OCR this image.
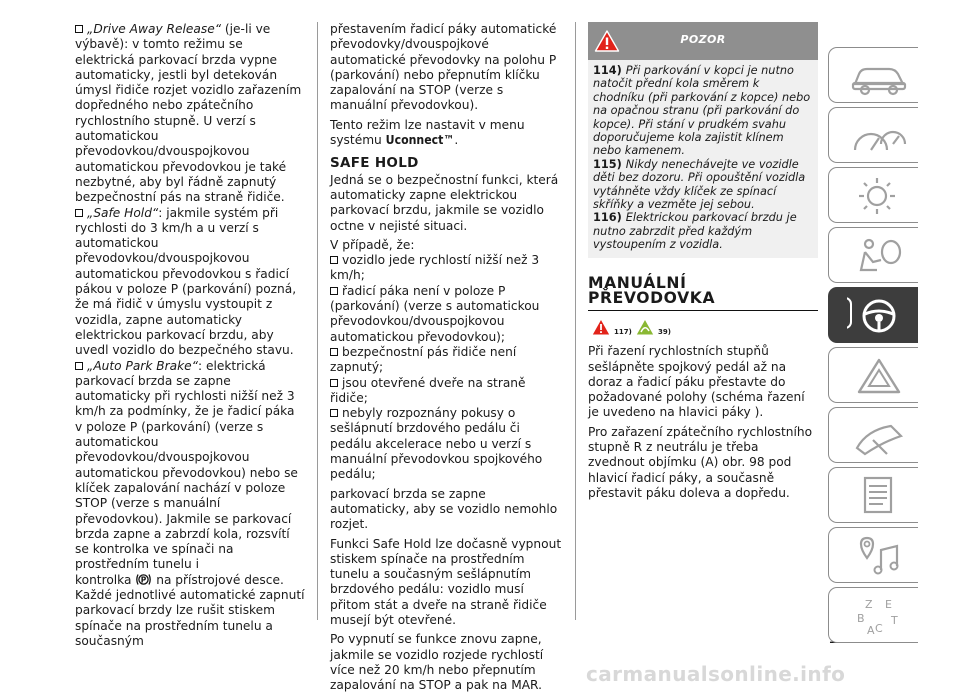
„Drive Away Release“ (je-li ve výbavě): v tomto režimu se elektrická parkovací brzda vypne automaticky, jestli byl detekován úmysl řidiče rozjet vozidlo zařazením dopředného nebo zpátečního rychlostního stupně. U verzí s automatickou převodovkou/dvouspojkovou automatickou převodovkou je také nezbytné, aby byl řádně zapnutý bezpečnostní pás na straně řidiče.

„Safe Hold“: jakmile systém při rychlosti do 3 km/h a u verzí s automatickou převodovkou/dvouspojkovou automatickou převodovkou s řadicí pákou v poloze P (parkování) pozná, že má řidič v úmyslu vystoupit z vozidla, zapne automaticky elektrickou parkovací brzdu, aby uvedl vozidlo do bezpečného stavu.

„Auto Park Brake“: elektrická parkovací brzda se zapne automaticky při rychlosti nižší než 3 km/h za podmínky, že je řadicí páka v poloze P (parkování) (verze s automatickou převodovkou/dvouspojkovou automatickou převodovkou) nebo se klíček zapalování nachází v poloze STOP (verze s manuální převodovkou). Jakmile se parkovací brzda zapne a zabrzdí kola, rozsvítí se kontrolka ve spínači na prostředním tunelu i
kontrolka P na přístrojové desce.

Každé jednotlivé automatické zapnutí parkovací brzdy lze rušit stiskem spínače na prostředním tunelu a současným

přestavením řadicí páky automatické převodovky/dvouspojkové automatické převodovky na polohu P (parkování) nebo přepnutím klíčku zapalování na STOP (verze s manuální převodovkou).

Tento režim lze nastavit v menu systému Uconnect™.

SAFE HOLD

Jedná se o bezpečnostní funkci, která automaticky zapne elektrickou parkovací brzdu, jakmile se vozidlo octne v nejisté situaci.

V případě, že:

vozidlo jede rychlostí nižší než 3 km/h;

řadicí páka není v poloze P (parkování) (verze s automatickou převodovkou/dvouspojkovou automatickou převodovkou);

bezpečnostní pás řidiče není zapnutý;

jsou otevřené dveře na straně řidiče;

nebyly rozpoznány pokusy o sešlápnutí brzdového pedálu či pedálu akcelerace nebo u verzí s manuální převodovkou spojkového pedálu;

parkovací brzda se zapne automaticky, aby se vozidlo nemohlo rozjet.

Funkci Safe Hold lze dočasně vypnout stiskem spínače na prostředním tunelu a současným sešlápnutím brzdového pedálu: vozidlo musí přitom stát a dveře na straně řidiče musejí být otevřené.

Po vypnutí se funkce znovu zapne, jakmile se vozidlo rozjede rychlostí více než 20 km/h nebo přepnutím zapalování na STOP a pak na MAR.

POZOR

114) Při parkování v kopci je nutno natočit přední kola směrem k chodníku (při parkování z kopce) nebo na opačnou stranu (při parkování do kopce). Při stání v prudkém svahu doporučujeme kola zajistit klínem nebo kamenem.

115) Nikdy nenechávejte ve vozidle děti bez dozoru. Při opouštění vozidla vytáhněte vždy klíček ze spínací skříňky a vezměte jej sebou.

116) Elektrickou parkovací brzdu je nutno zabrzdit před každým vystoupením z vozidla.

MANUÁLNÍ PŘEVODOVKA

117)	39)

Při řazení rychlostních stupňů sešlápněte spojkový pedál až na doraz a řadicí páku přestavte do požadované polohy (schéma řazení je uvedeno na hlavici páky ).

Pro zařazení zpátečního rychlostního stupně R z neutrálu je třeba zvednout objímku (A) obr. 98 pod hlavicí řadicí páky, a současně přestavit páku doleva a dopředu.

Z E
B
C
T
A
carmanualsonline.info
